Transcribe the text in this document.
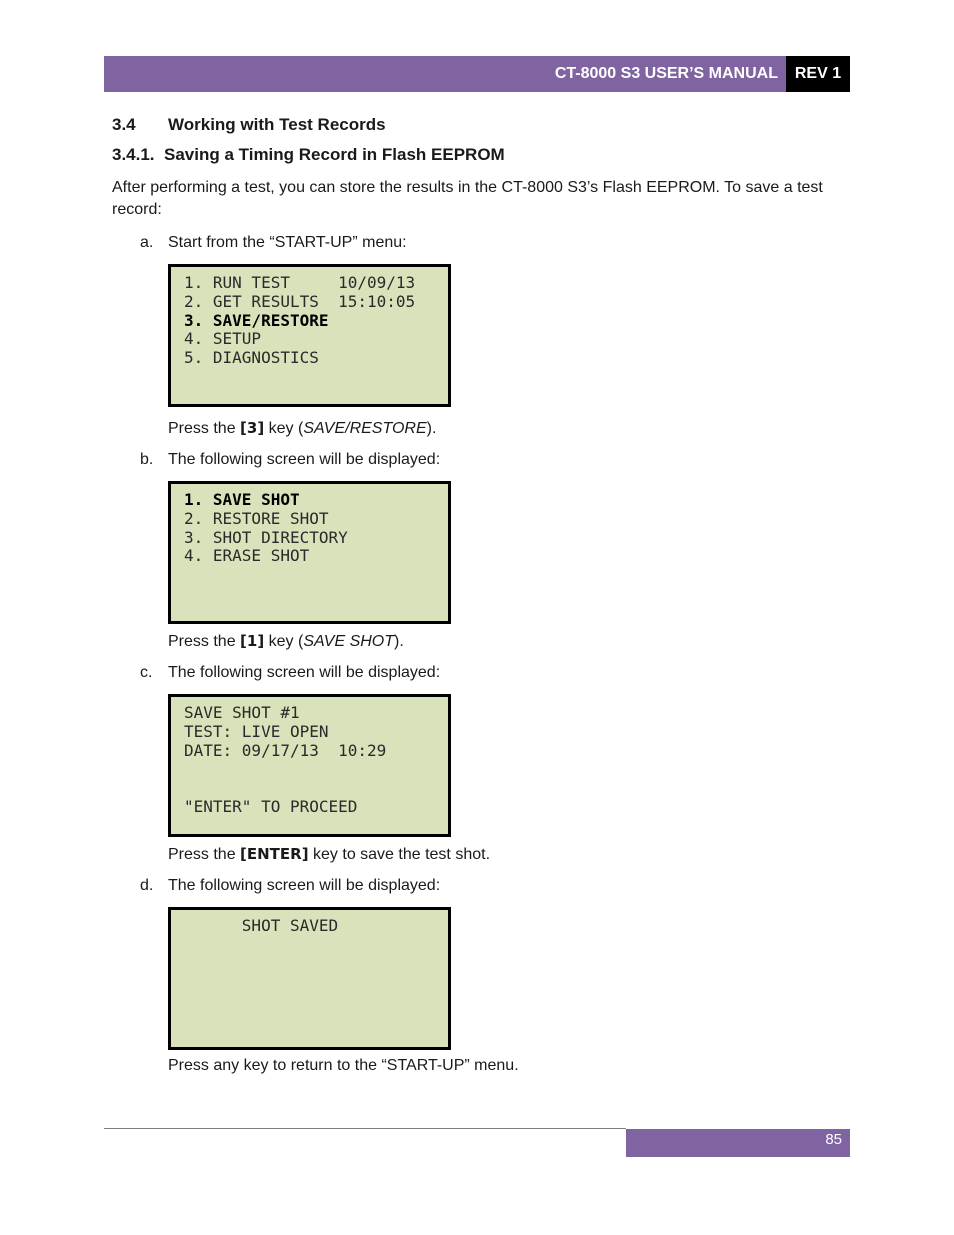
CT-8000 S3 USER’S MANUAL	REV 1
3.4 Working with Test Records
3.4.1. Saving a Timing Record in Flash EEPROM

After performing a test, you can store the results in the CT-8000 S3’s Flash EEPROM. To save a test record:

a. Start from the “START-UP” menu:
1. RUN TEST     10/09/13
2. GET RESULTS  15:10:05
3. SAVE/RESTORE
4. SETUP
5. DIAGNOSTICS
Press the [3] key (SAVE/RESTORE).
b. The following screen will be displayed:
1. SAVE SHOT
2. RESTORE SHOT
3. SHOT DIRECTORY
4. ERASE SHOT
Press the [1] key (SAVE SHOT).
c. The following screen will be displayed:
SAVE SHOT #1
TEST: LIVE OPEN
DATE: 09/17/13  10:29
"ENTER" TO PROCEED
Press the [ENTER] key to save the test shot.
d. The following screen will be displayed:
SHOT SAVED
Press any key to return to the “START-UP” menu.
85
